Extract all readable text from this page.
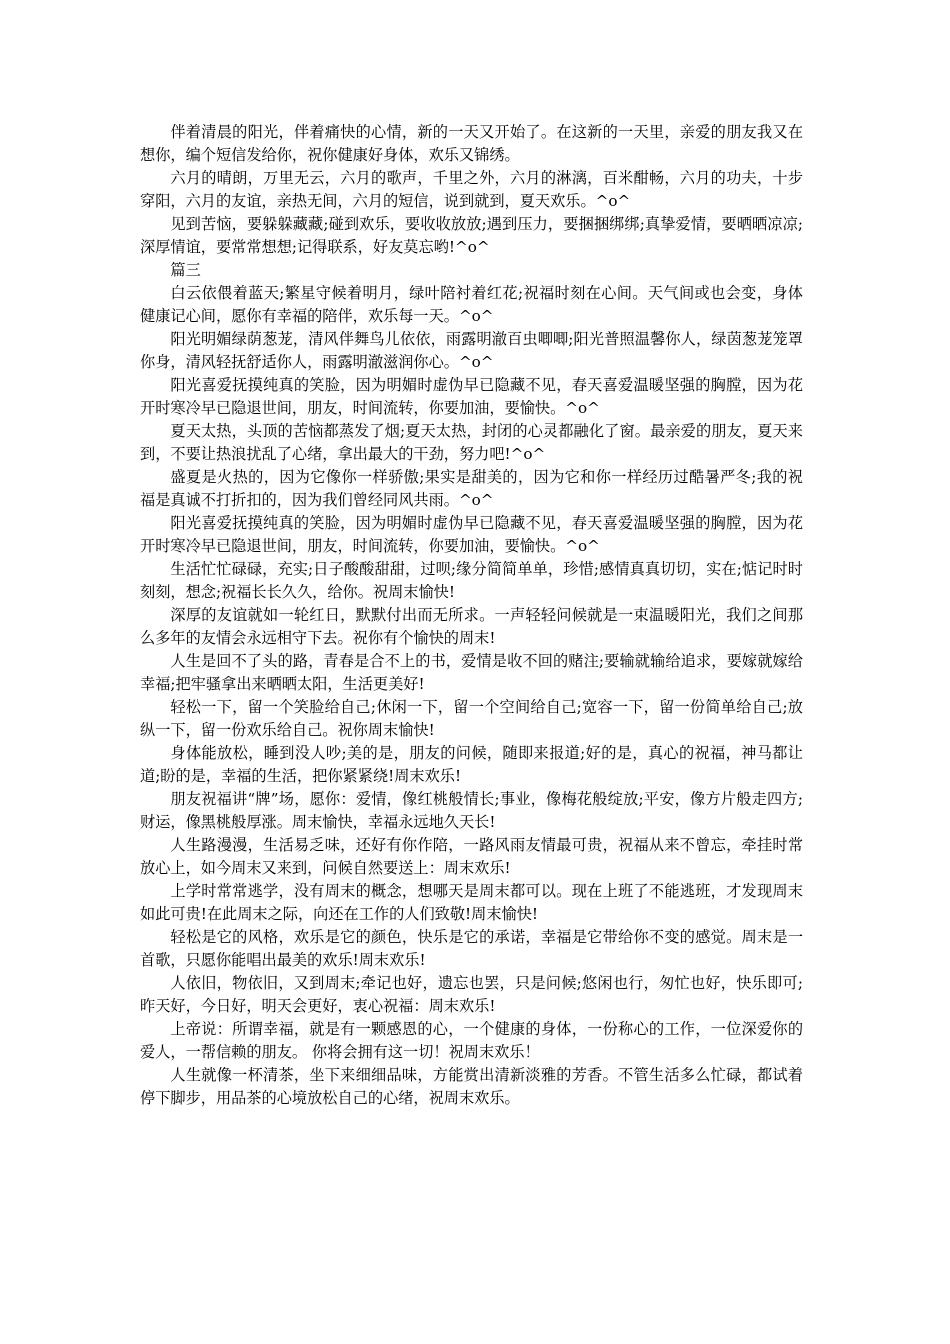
伴着清晨的阳光，伴着痛快的心情，新的一天又开始了。在这新的一天里，亲爱的朋友我又在想你，编个短信发给你，祝你健康好身体，欢乐又锦绣。

六月的晴朗，万里无云，六月的歌声，千里之外，六月的淋漓，百米酣畅，六月的功夫，十步穿阳，六月的友谊，亲热无间，六月的短信，说到就到，夏天欢乐。^o^

见到苦恼，要躲躲藏藏;碰到欢乐，要收收放放;遇到压力，要捆捆绑绑;真挚爱情，要晒晒凉凉;深厚情谊，要常常想想;记得联系，好友莫忘哟!^o^

篇三

白云依偎着蓝天;繁星守候着明月，绿叶陪衬着红花;祝福时刻在心间。天气间或也会变，身体健康记心间，愿你有幸福的陪伴，欢乐每一天。^o^

阳光明媚绿荫葱茏，清风伴舞鸟儿依依，雨露明澈百虫唧唧;阳光普照温馨你人，绿茵葱茏笼罩你身，清风轻抚舒适你人，雨露明澈滋润你心。^o^

阳光喜爱抚摸纯真的笑脸，因为明媚时虚伪早已隐藏不见，春天喜爱温暖坚强的胸膛，因为花开时寒冷早已隐退世间，朋友，时间流转，你要加油，要愉快。^o^

夏天太热，头顶的苦恼都蒸发了烟;夏天太热，封闭的心灵都融化了窗。最亲爱的朋友，夏天来到，不要让热浪扰乱了心绪，拿出最大的干劲，努力吧!^o^

盛夏是火热的，因为它像你一样骄傲;果实是甜美的，因为它和你一样经历过酷暑严冬;我的祝福是真诚不打折扣的，因为我们曾经同风共雨。^o^

阳光喜爱抚摸纯真的笑脸，因为明媚时虚伪早已隐藏不见，春天喜爱温暖坚强的胸膛，因为花开时寒冷早已隐退世间，朋友，时间流转，你要加油，要愉快。^o^

生活忙忙碌碌，充实;日子酸酸甜甜，过呗;缘分简简单单，珍惜;感情真真切切，实在;惦记时时刻刻，想念;祝福长长久久，给你。祝周末愉快!

深厚的友谊就如一轮红日，默默付出而无所求。一声轻轻问候就是一束温暖阳光，我们之间那么多年的友情会永远相守下去。祝你有个愉快的周末!

人生是回不了头的路，青春是合不上的书，爱情是收不回的赌注;要输就输给追求，要嫁就嫁给幸福;把牢骚拿出来晒晒太阳，生活更美好!

轻松一下，留一个笑脸给自己;休闲一下，留一个空间给自己;宽容一下，留一份简单给自己;放纵一下，留一份欢乐给自己。祝你周末愉快!

身体能放松，睡到没人吵;美的是，朋友的问候，随即来报道;好的是，真心的祝福，神马都让道;盼的是，幸福的生活，把你紧紧绕!周末欢乐!

朋友祝福讲“牌”场，愿你：爱情，像红桃般情长;事业，像梅花般绽放;平安，像方片般走四方;财运，像黑桃般厚涨。周末愉快，幸福永远地久天长!

人生路漫漫，生活易乏味，还好有你作陪，一路风雨友情最可贵，祝福从来不曾忘，牵挂时常放心上，如今周末又来到，问候自然要送上：周末欢乐!

上学时常常逃学，没有周末的概念，想哪天是周末都可以。现在上班了不能逃班，才发现周末如此可贵!在此周末之际，向还在工作的人们致敬!周末愉快!

轻松是它的风格，欢乐是它的颜色，快乐是它的承诺，幸福是它带给你不变的感觉。周末是一首歌，只愿你能唱出最美的欢乐!周末欢乐!

人依旧，物依旧，又到周末;牵记也好，遗忘也罢，只是问候;悠闲也行，匆忙也好，快乐即可;昨天好，今日好，明天会更好，衷心祝福：周末欢乐!

上帝说：所谓幸福，就是有一颗感恩的心，一个健康的身体，一份称心的工作，一位深爱你的爱人，一帮信赖的朋友。 你将会拥有这一切！祝周末欢乐！

人生就像一杯清茶，坐下来细细品味，方能赏出清新淡雅的芳香。不管生活多么忙碌，都试着停下脚步，用品茶的心境放松自己的心绪，祝周末欢乐。
